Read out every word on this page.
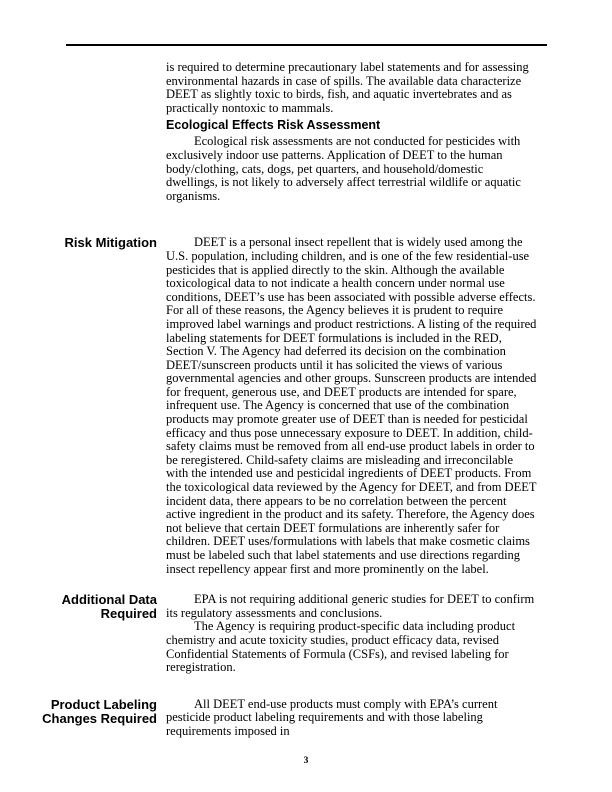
is required to determine precautionary label statements and for assessing environmental hazards in case of spills. The available data characterize DEET as slightly toxic to birds, fish, and aquatic invertebrates and as practically nontoxic to mammals.

Ecological Effects Risk Assessment

Ecological risk assessments are not conducted for pesticides with exclusively indoor use patterns. Application of DEET to the human body/clothing, cats, dogs, pet quarters, and household/domestic dwellings, is not likely to adversely affect terrestrial wildlife or aquatic organisms.

Risk Mitigation	DEET is a personal insect repellent that is widely used among the U.S. population, including children, and is one of the few residential-use pesticides that is applied directly to the skin. Although the available toxicological data to not indicate a health concern under normal use conditions, DEET’s use has been associated with possible adverse effects. For all of these reasons, the Agency believes it is prudent to require improved label warnings and product restrictions. A listing of the required labeling statements for DEET formulations is included in the RED, Section V. The Agency had deferred its decision on the combination DEET/sunscreen products until it has solicited the views of various governmental agencies and other groups. Sunscreen products are intended for frequent, generous use, and DEET products are intended for spare, infrequent use. The Agency is concerned that use of the combination products may promote greater use of DEET than is needed for pesticidal efficacy and thus pose unnecessary exposure to DEET. In addition, child-safety claims must be removed from all end-use product labels in order to be reregistered. Child-safety claims are misleading and irreconcilable with the intended use and pesticidal ingredients of DEET products. From the toxicological data reviewed by the Agency for DEET, and from DEET incident data, there appears to be no correlation between the percent active ingredient in the product and its safety. Therefore, the Agency does not believe that certain DEET formulations are inherently safer for children. DEET uses/formulations with labels that make cosmetic claims must be labeled such that label statements and use directions regarding insect repellency appear first and more prominently on the label.

Additional Data Required

EPA is not requiring additional generic studies for DEET to confirm its regulatory assessments and conclusions.

The Agency is requiring product-specific data including product chemistry and acute toxicity studies, product efficacy data, revised Confidential Statements of Formula (CSFs), and revised labeling for reregistration.

Product Labeling Changes Required

All DEET end-use products must comply with EPA’s current pesticide product labeling requirements and with those labeling requirements imposed in

3
